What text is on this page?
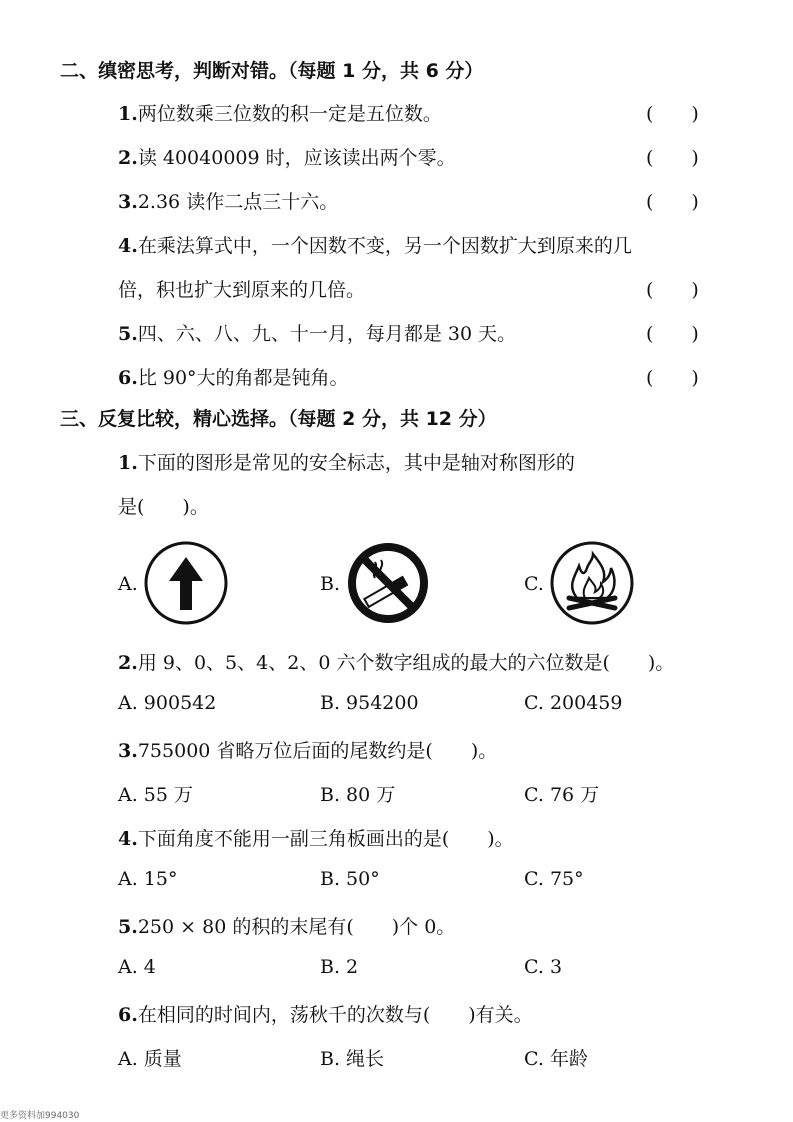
二、缜密思考，判断对错。（每题 1 分，共 6 分）
1.两位数乘三位数的积一定是五位数。	(　　)
2.读 40040009 时，应该读出两个零。	(　　)
3.2.36 读作二点三十六。	(　　)
4.在乘法算式中，一个因数不变，另一个因数扩大到原来的几
倍，积也扩大到原来的几倍。	(　　)
5.四、六、八、九、十一月，每月都是 30 天。	(　　)
6.比 90°大的角都是钝角。	(　　)
三、反复比较，精心选择。（每题 2 分，共 12 分）
1.下面的图形是常见的安全标志，其中是轴对称图形的
是(　　)。
A.	B.	C.
2.用 9、0、5、4、2、0 六个数字组成的最大的六位数是(　　)。
A. 900542	B. 954200	C. 200459
3.755000 省略万位后面的尾数约是(　　)。
A. 55 万	B. 80 万	C. 76 万
4.下面角度不能用一副三角板画出的是(　　)。
A. 15°	B. 50°	C. 75°
5.250 × 80 的积的末尾有(　　)个 0。
A. 4	B. 2	C. 3
6.在相同的时间内，荡秋千的次数与(　　)有关。
A. 质量	B. 绳长	C. 年龄
更多资料加994030
